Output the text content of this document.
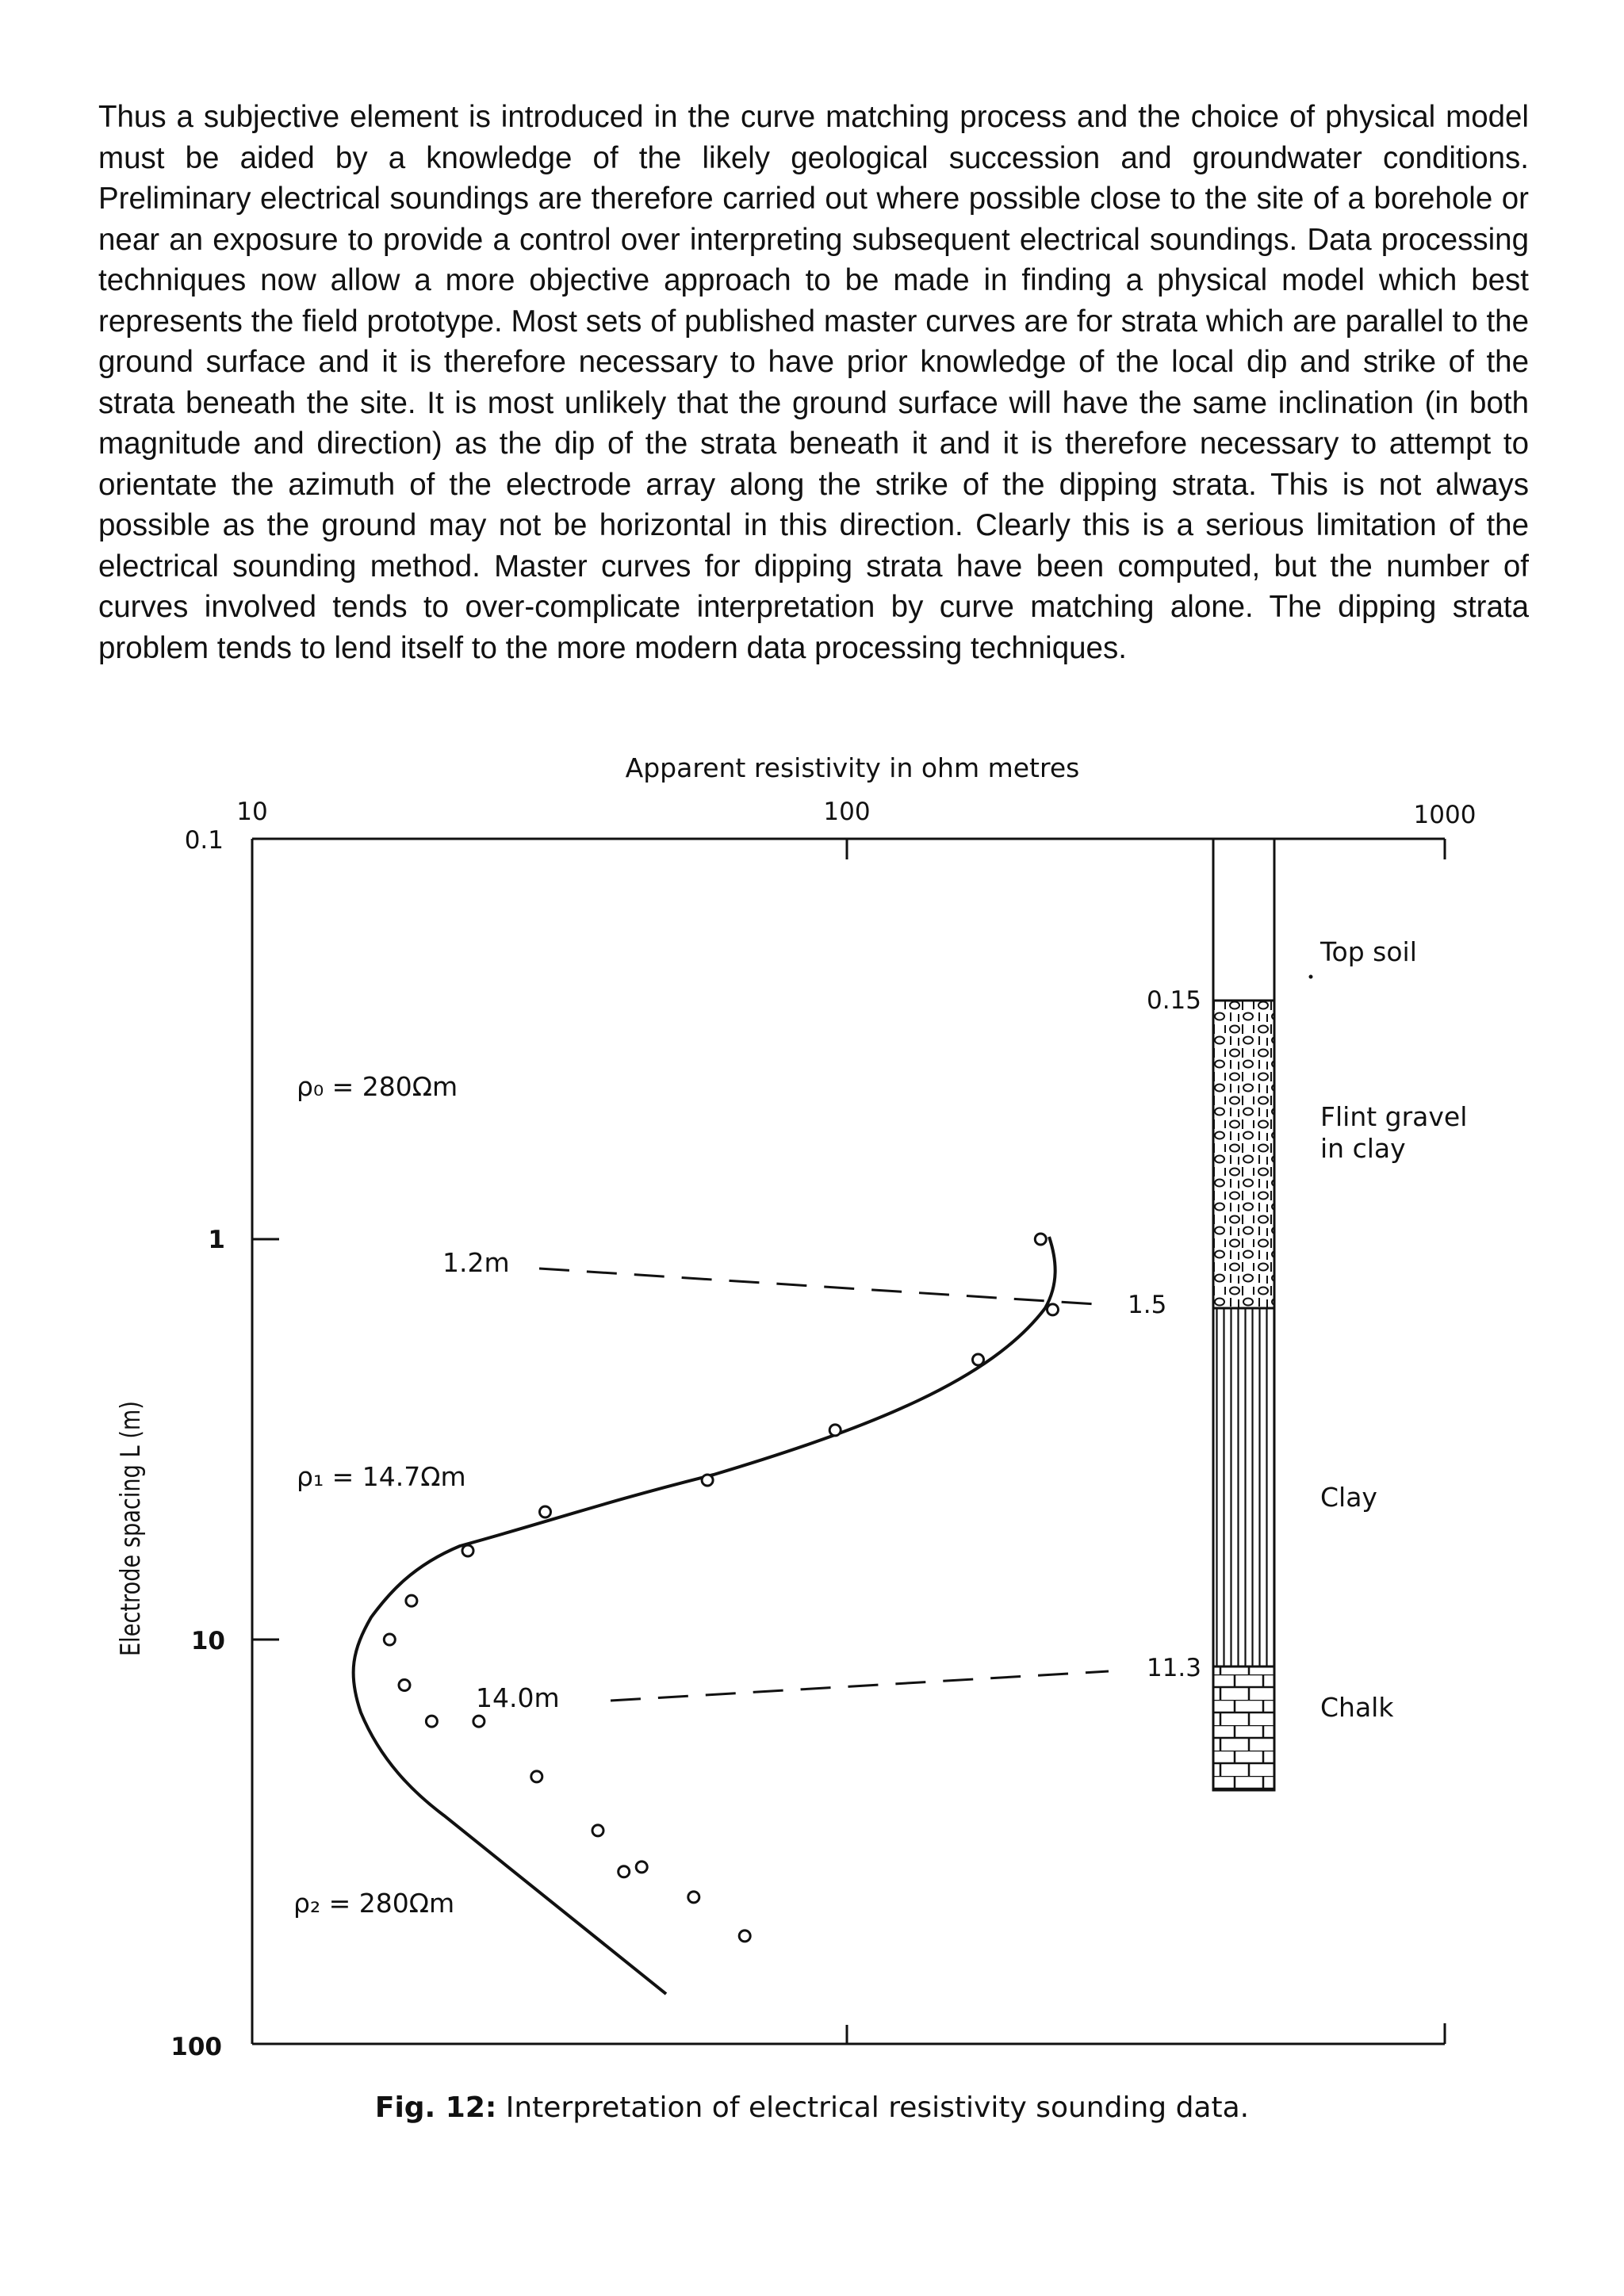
Thus a subjective element is introduced in the curve matching process and the choice of physical model must be aided by a knowledge of the likely geological succession and groundwater conditions. Preliminary electrical soundings are therefore carried out where possible close to the site of a borehole or near an exposure to provide a control over interpreting subsequent electrical soundings. Data processing techniques now allow a more objective approach to be made in finding a physical model which best represents the field prototype. Most sets of published master curves are for strata which are parallel to the ground surface and it is therefore necessary to have prior knowledge of the local dip and strike of the strata beneath the site. It is most unlikely that the ground surface will have the same inclination (in both magnitude and direction) as the dip of the strata beneath it and it is therefore necessary to attempt to orientate the azimuth of the electrode array along the strike of the dipping strata. This is not always possible as the ground may not be horizontal in this direction. Clearly this is a serious limitation of the electrical sounding method. Master curves for dipping strata have been computed, but the number of curves involved tends to over-complicate interpretation by curve matching alone. The dipping strata problem tends to lend itself to the more modern data processing techniques.

Apparent resistivity in ohm metres
10	100	1000
0.1
1
10
100
Electrode spacing L (m)
ρ₀ = 280Ωm
ρ₁ = 14.7Ωm
ρ₂ = 280Ωm
1.2m
14.0m
0.15
1.5
11.3
Top soil
Flint gravel
in clay
Clay
Chalk
Fig. 12: Interpretation of electrical resistivity sounding data.
